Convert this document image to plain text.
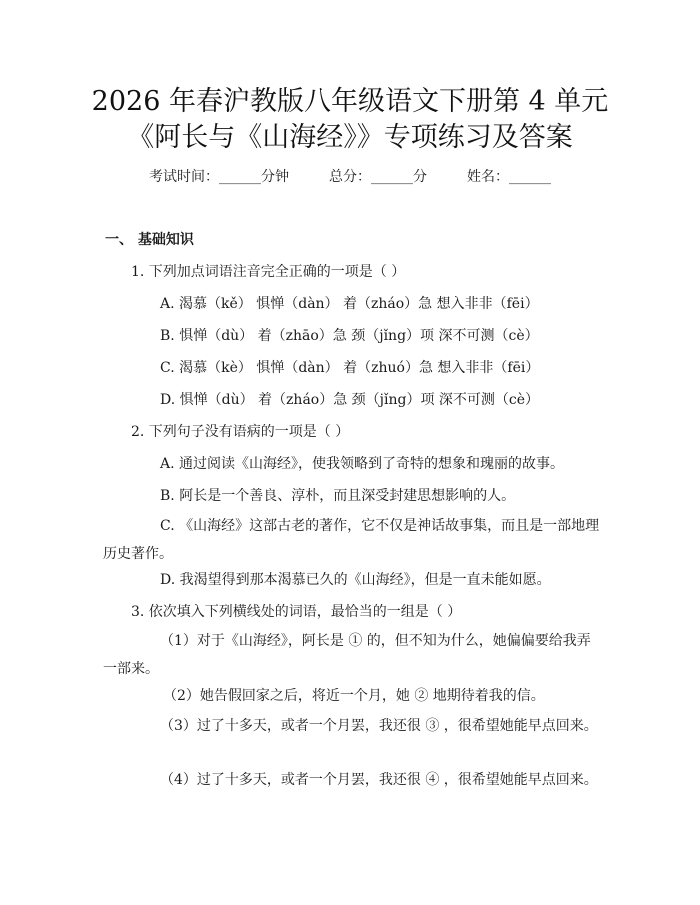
2026 年春沪教版八年级语文下册第 4 单元
《阿长与《山海经》》专项练习及答案
考试时间：______分钟	总分：______分	姓名：______
一、 基础知识
1. 下列加点词语注音完全正确的一项是（ ）
A. 渴慕（kě） 惧惮（dàn） 着（zháo）急 想入非非（fēi）
B. 惧惮（dù） 着（zhāo）急 颈（jǐng）项 深不可测（cè）
C. 渴慕（kè） 惧惮（dàn） 着（zhuó）急 想入非非（fēi）
D. 惧惮（dù） 着（zháo）急 颈（jǐng）项 深不可测（cè）
2. 下列句子没有语病的一项是（ ）
A. 通过阅读《山海经》，使我领略到了奇特的想象和瑰丽的故事。
B. 阿长是一个善良、淳朴，而且深受封建思想影响的人。
C. 《山海经》这部古老的著作，它不仅是神话故事集，而且是一部地理历史著作。
D. 我渴望得到那本渴慕已久的《山海经》，但是一直未能如愿。
3. 依次填入下列横线处的词语，最恰当的一组是（ ）
（1）对于《山海经》，阿长是 ① 的，但不知为什么，她偏偏要给我弄一部来。
（2）她告假回家之后，将近一个月，她 ② 地期待着我的信。
（3）过了十多天，或者一个月罢，我还很 ③ ，很希望她能早点回来。
（4）过了十多天，或者一个月罢，我还很 ④ ，很希望她能早点回来。
